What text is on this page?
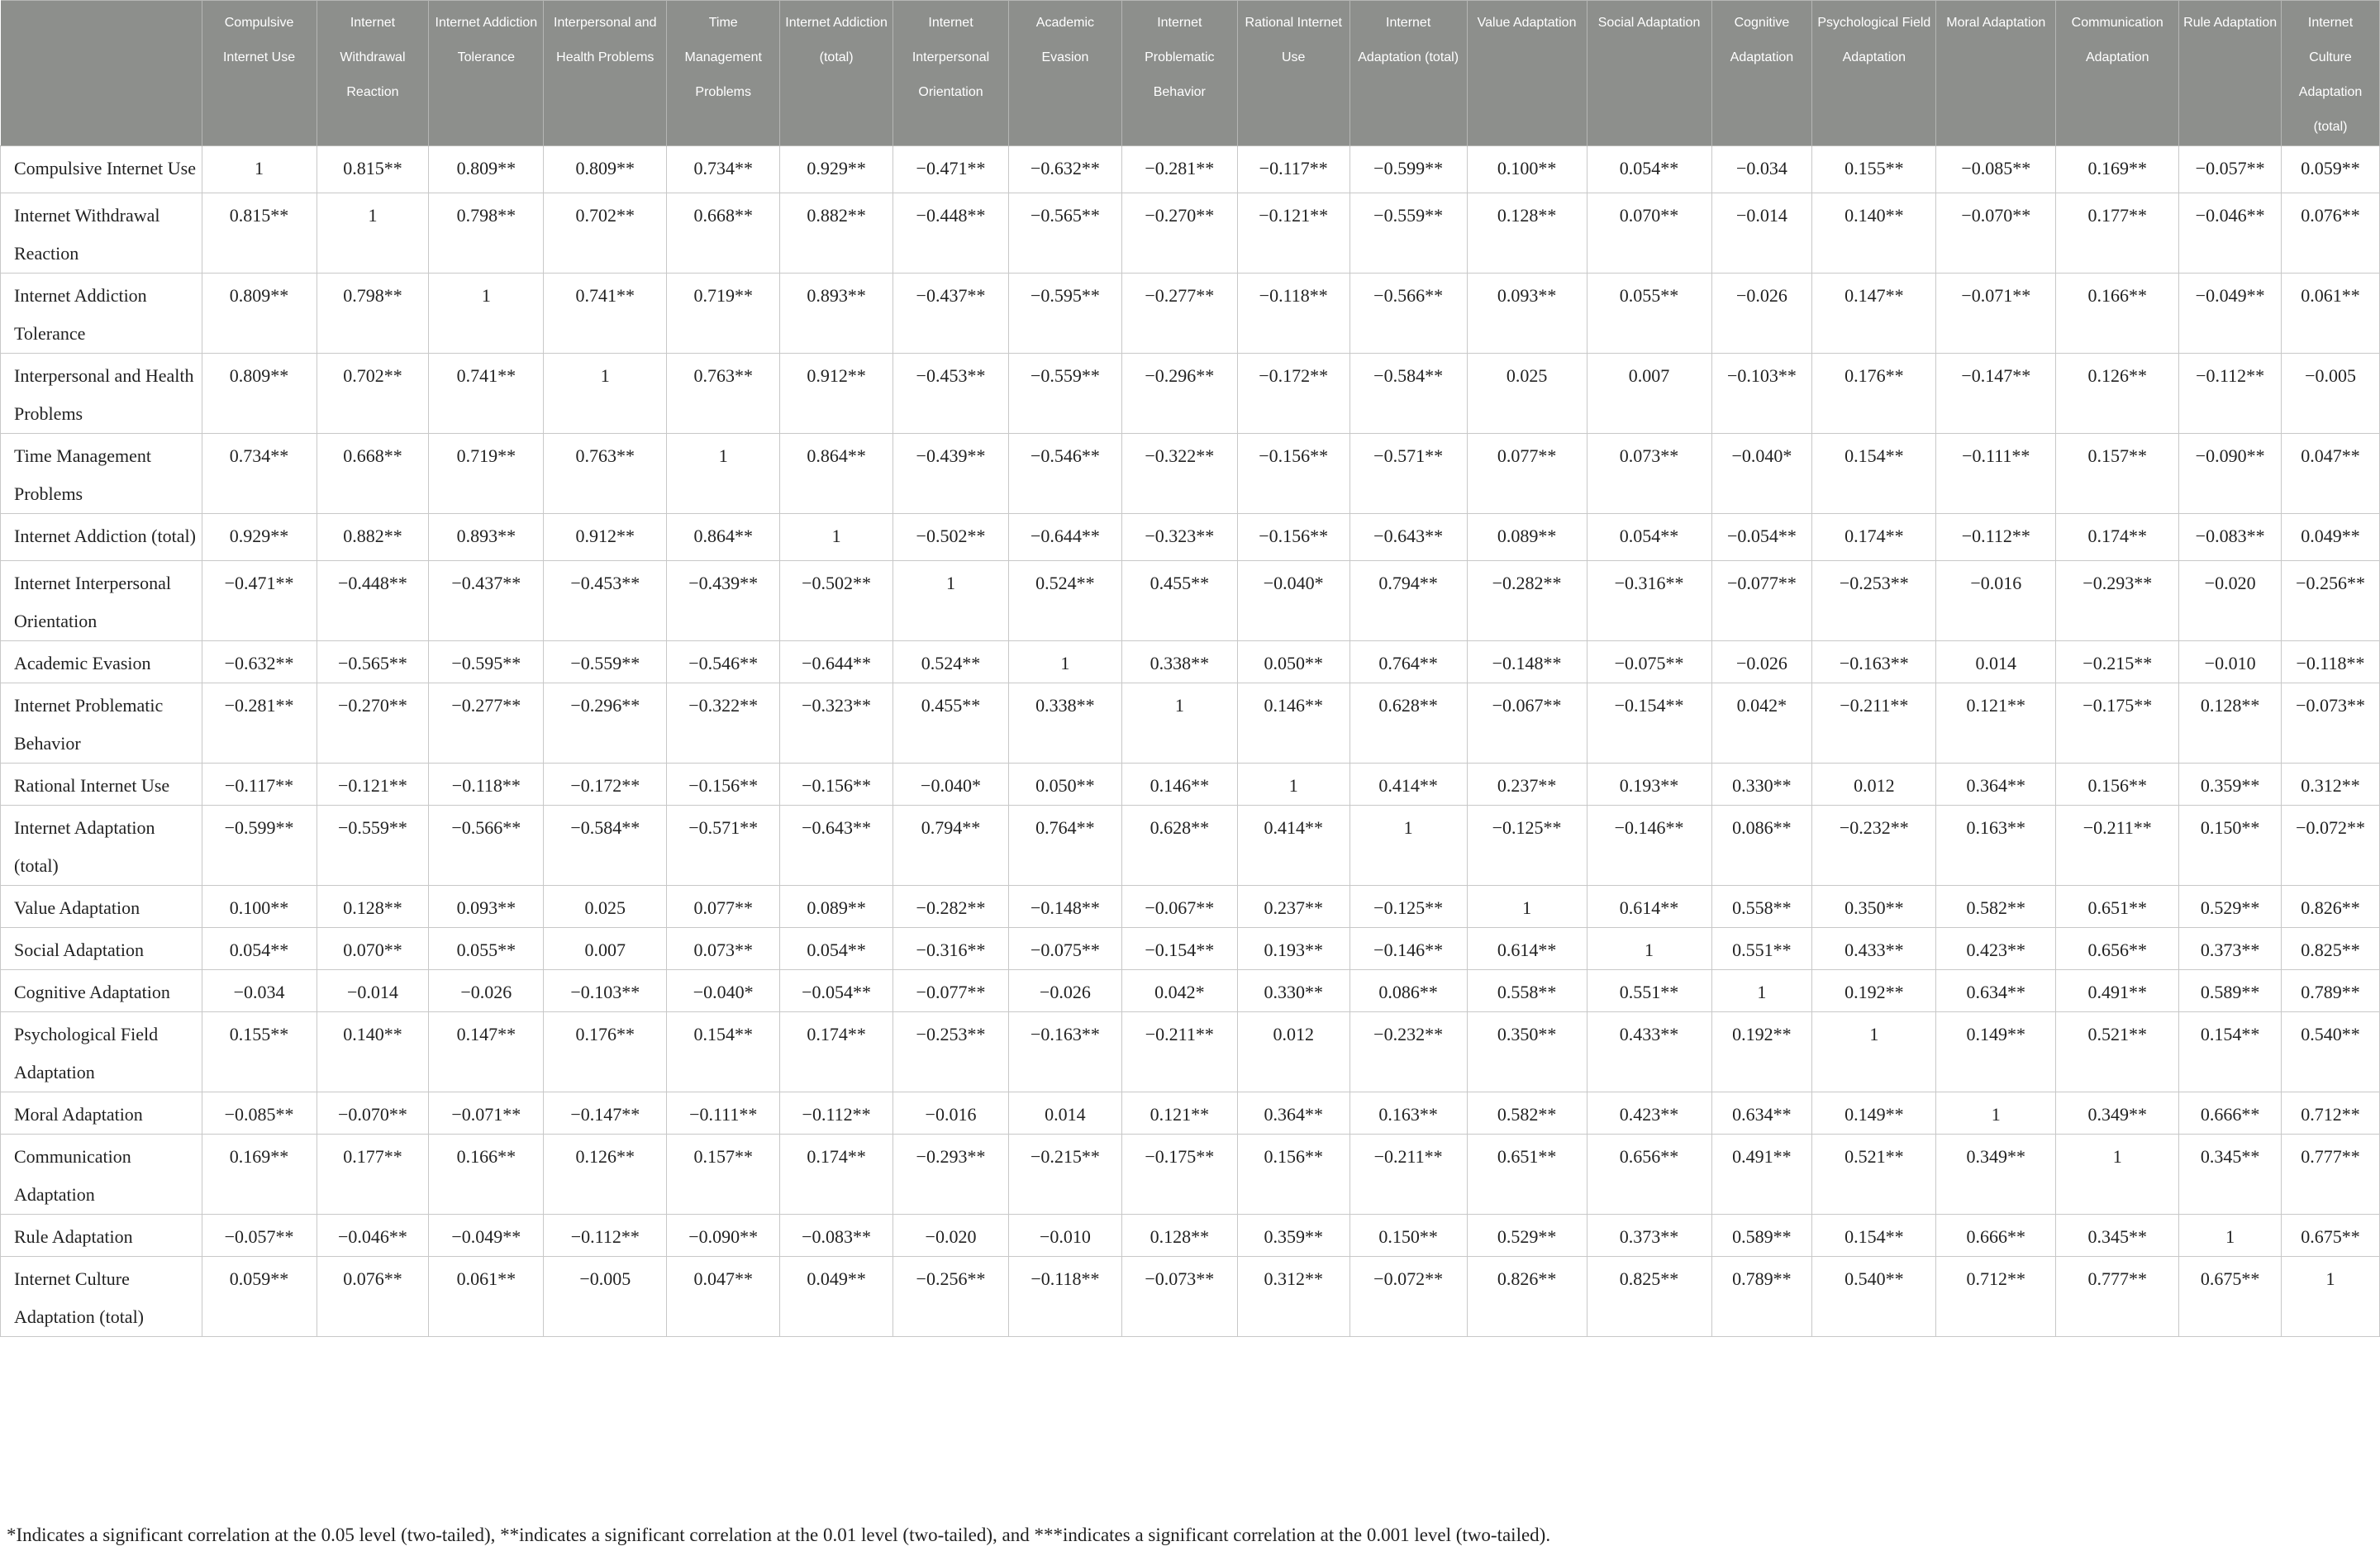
	Compulsive Internet Use	Internet Withdrawal Reaction	Internet Addiction Tolerance	Interpersonal and Health Problems	Time Management Problems	Internet Addiction (total)	Internet Interpersonal Orientation	Academic Evasion	Internet Problematic Behavior	Rational Internet Use	Internet Adaptation (total)	Value Adaptation	Social Adaptation	Cognitive Adaptation	Psychological Field Adaptation	Moral Adaptation	Communication Adaptation	Rule Adaptation	Internet Culture Adaptation (total)
Compulsive Internet Use	1	0.815**	0.809**	0.809**	0.734**	0.929**	−0.471**	−0.632**	−0.281**	−0.117**	−0.599**	0.100**	0.054**	−0.034	0.155**	−0.085**	0.169**	−0.057**	0.059**
Internet Withdrawal Reaction	0.815**	1	0.798**	0.702**	0.668**	0.882**	−0.448**	−0.565**	−0.270**	−0.121**	−0.559**	0.128**	0.070**	−0.014	0.140**	−0.070**	0.177**	−0.046**	0.076**
Internet Addiction Tolerance	0.809**	0.798**	1	0.741**	0.719**	0.893**	−0.437**	−0.595**	−0.277**	−0.118**	−0.566**	0.093**	0.055**	−0.026	0.147**	−0.071**	0.166**	−0.049**	0.061**
Interpersonal and Health Problems	0.809**	0.702**	0.741**	1	0.763**	0.912**	−0.453**	−0.559**	−0.296**	−0.172**	−0.584**	0.025	0.007	−0.103**	0.176**	−0.147**	0.126**	−0.112**	−0.005
Time Management Problems	0.734**	0.668**	0.719**	0.763**	1	0.864**	−0.439**	−0.546**	−0.322**	−0.156**	−0.571**	0.077**	0.073**	−0.040*	0.154**	−0.111**	0.157**	−0.090**	0.047**
Internet Addiction (total)	0.929**	0.882**	0.893**	0.912**	0.864**	1	−0.502**	−0.644**	−0.323**	−0.156**	−0.643**	0.089**	0.054**	−0.054**	0.174**	−0.112**	0.174**	−0.083**	0.049**
Internet Interpersonal Orientation	−0.471**	−0.448**	−0.437**	−0.453**	−0.439**	−0.502**	1	0.524**	0.455**	−0.040*	0.794**	−0.282**	−0.316**	−0.077**	−0.253**	−0.016	−0.293**	−0.020	−0.256**
Academic Evasion	−0.632**	−0.565**	−0.595**	−0.559**	−0.546**	−0.644**	0.524**	1	0.338**	0.050**	0.764**	−0.148**	−0.075**	−0.026	−0.163**	0.014	−0.215**	−0.010	−0.118**
Internet Problematic Behavior	−0.281**	−0.270**	−0.277**	−0.296**	−0.322**	−0.323**	0.455**	0.338**	1	0.146**	0.628**	−0.067**	−0.154**	0.042*	−0.211**	0.121**	−0.175**	0.128**	−0.073**
Rational Internet Use	−0.117**	−0.121**	−0.118**	−0.172**	−0.156**	−0.156**	−0.040*	0.050**	0.146**	1	0.414**	0.237**	0.193**	0.330**	0.012	0.364**	0.156**	0.359**	0.312**
Internet Adaptation (total)	−0.599**	−0.559**	−0.566**	−0.584**	−0.571**	−0.643**	0.794**	0.764**	0.628**	0.414**	1	−0.125**	−0.146**	0.086**	−0.232**	0.163**	−0.211**	0.150**	−0.072**
Value Adaptation	0.100**	0.128**	0.093**	0.025	0.077**	0.089**	−0.282**	−0.148**	−0.067**	0.237**	−0.125**	1	0.614**	0.558**	0.350**	0.582**	0.651**	0.529**	0.826**
Social Adaptation	0.054**	0.070**	0.055**	0.007	0.073**	0.054**	−0.316**	−0.075**	−0.154**	0.193**	−0.146**	0.614**	1	0.551**	0.433**	0.423**	0.656**	0.373**	0.825**
Cognitive Adaptation	−0.034	−0.014	−0.026	−0.103**	−0.040*	−0.054**	−0.077**	−0.026	0.042*	0.330**	0.086**	0.558**	0.551**	1	0.192**	0.634**	0.491**	0.589**	0.789**
Psychological Field Adaptation	0.155**	0.140**	0.147**	0.176**	0.154**	0.174**	−0.253**	−0.163**	−0.211**	0.012	−0.232**	0.350**	0.433**	0.192**	1	0.149**	0.521**	0.154**	0.540**
Moral Adaptation	−0.085**	−0.070**	−0.071**	−0.147**	−0.111**	−0.112**	−0.016	0.014	0.121**	0.364**	0.163**	0.582**	0.423**	0.634**	0.149**	1	0.349**	0.666**	0.712**
Communication Adaptation	0.169**	0.177**	0.166**	0.126**	0.157**	0.174**	−0.293**	−0.215**	−0.175**	0.156**	−0.211**	0.651**	0.656**	0.491**	0.521**	0.349**	1	0.345**	0.777**
Rule Adaptation	−0.057**	−0.046**	−0.049**	−0.112**	−0.090**	−0.083**	−0.020	−0.010	0.128**	0.359**	0.150**	0.529**	0.373**	0.589**	0.154**	0.666**	0.345**	1	0.675**
Internet Culture Adaptation (total)	0.059**	0.076**	0.061**	−0.005	0.047**	0.049**	−0.256**	−0.118**	−0.073**	0.312**	−0.072**	0.826**	0.825**	0.789**	0.540**	0.712**	0.777**	0.675**	1
*Indicates a significant correlation at the 0.05 level (two-tailed), **indicates a significant correlation at the 0.01 level (two-tailed), and ***indicates a significant correlation at the 0.001 level (two-tailed).
